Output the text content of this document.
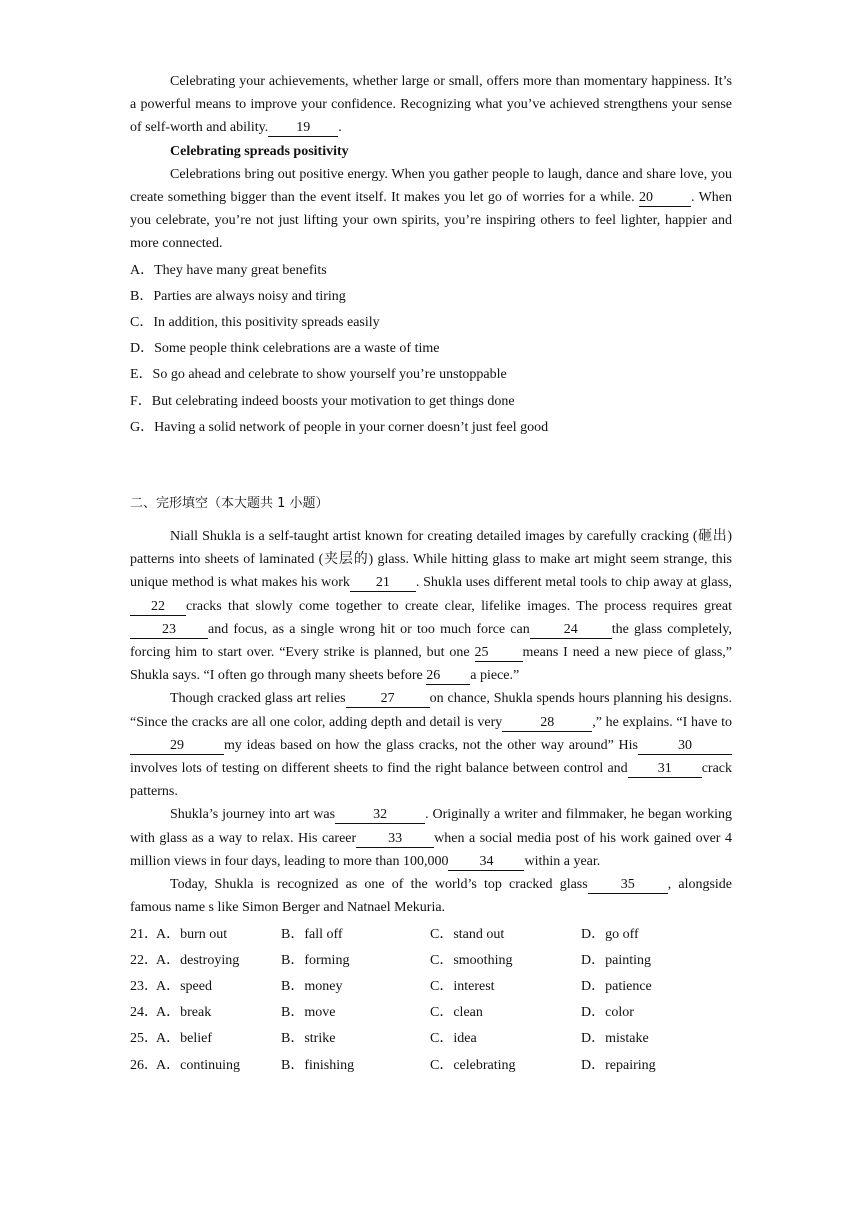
Celebrating your achievements, whether large or small, offers more than momentary happiness. It’s a powerful means to improve your confidence. Recognizing what you’ve achieved strengthens your sense of self-worth and ability. 19 .

Celebrating spreads positivity

Celebrations bring out positive energy. When you gather people to laugh, dance and share love, you create something bigger than the event itself. It makes you let go of worries for a while. 20	. When you celebrate, you’re not just lifting your own spirits, you’re inspiring others to feel lighter, happier and more connected.

A．They have many great benefits

B．Parties are always noisy and tiring

C．In addition, this positivity spreads easily

D．Some people think celebrations are a waste of time

E．So go ahead and celebrate to show yourself you’re unstoppable

F．But celebrating indeed boosts your motivation to get things done

G．Having a solid network of people in your corner doesn’t just feel good

二、完形填空（本大题共 1 小题）

Niall Shukla is a self-taught artist known for creating detailed images by carefully cracking (砸出) patterns into sheets of laminated (夹层的) glass. While hitting glass to make art might seem strange, this unique method is what makes his work 21 . Shukla uses different metal tools to chip away at glass,22 cracks that slowly come together to create clear, lifelike images. The process requires great23 and focus, as a single wrong hit or too much force can 24 the glass completely, forcing him to start over. “Every strike is planned, but one 25 means I need a new piece of glass,” Shukla says. “I often go through many sheets before 26 a piece.”

Though cracked glass art relies	27	on chance, Shukla spends hours planning his designs. “Since the cracks are all one color, adding depth and detail is very	28	,” he explains. “I have to29	my ideas based on how the glass cracks, not the other way around” His	30involves lots of testing on different sheets to find the right balance between control and 31 crack patterns.

Shukla’s journey into art was	32	. Originally a writer and filmmaker, he began working with glass as a way to relax. His career 33 when a social media post of his work gained over 4 million views in four days, leading to more than 100,000 34 within a year.

Today, Shukla is recognized as one of the world’s top cracked glass 35 , alongside famous name s like Simon Berger and Natnael Mekuria.

21．
A．burn out	B．fall off	C．stand out	D．go off
22．
A．destroying	B．forming	C．smoothing	D．painting
23．
A．speed	B．money	C．interest	D．patience
24．
A．break	B．move	C．clean	D．color
25．
A．belief	B．strike	C．idea	D．mistake
26．
A．continuing	B．finishing	C．celebrating	D．repairing
